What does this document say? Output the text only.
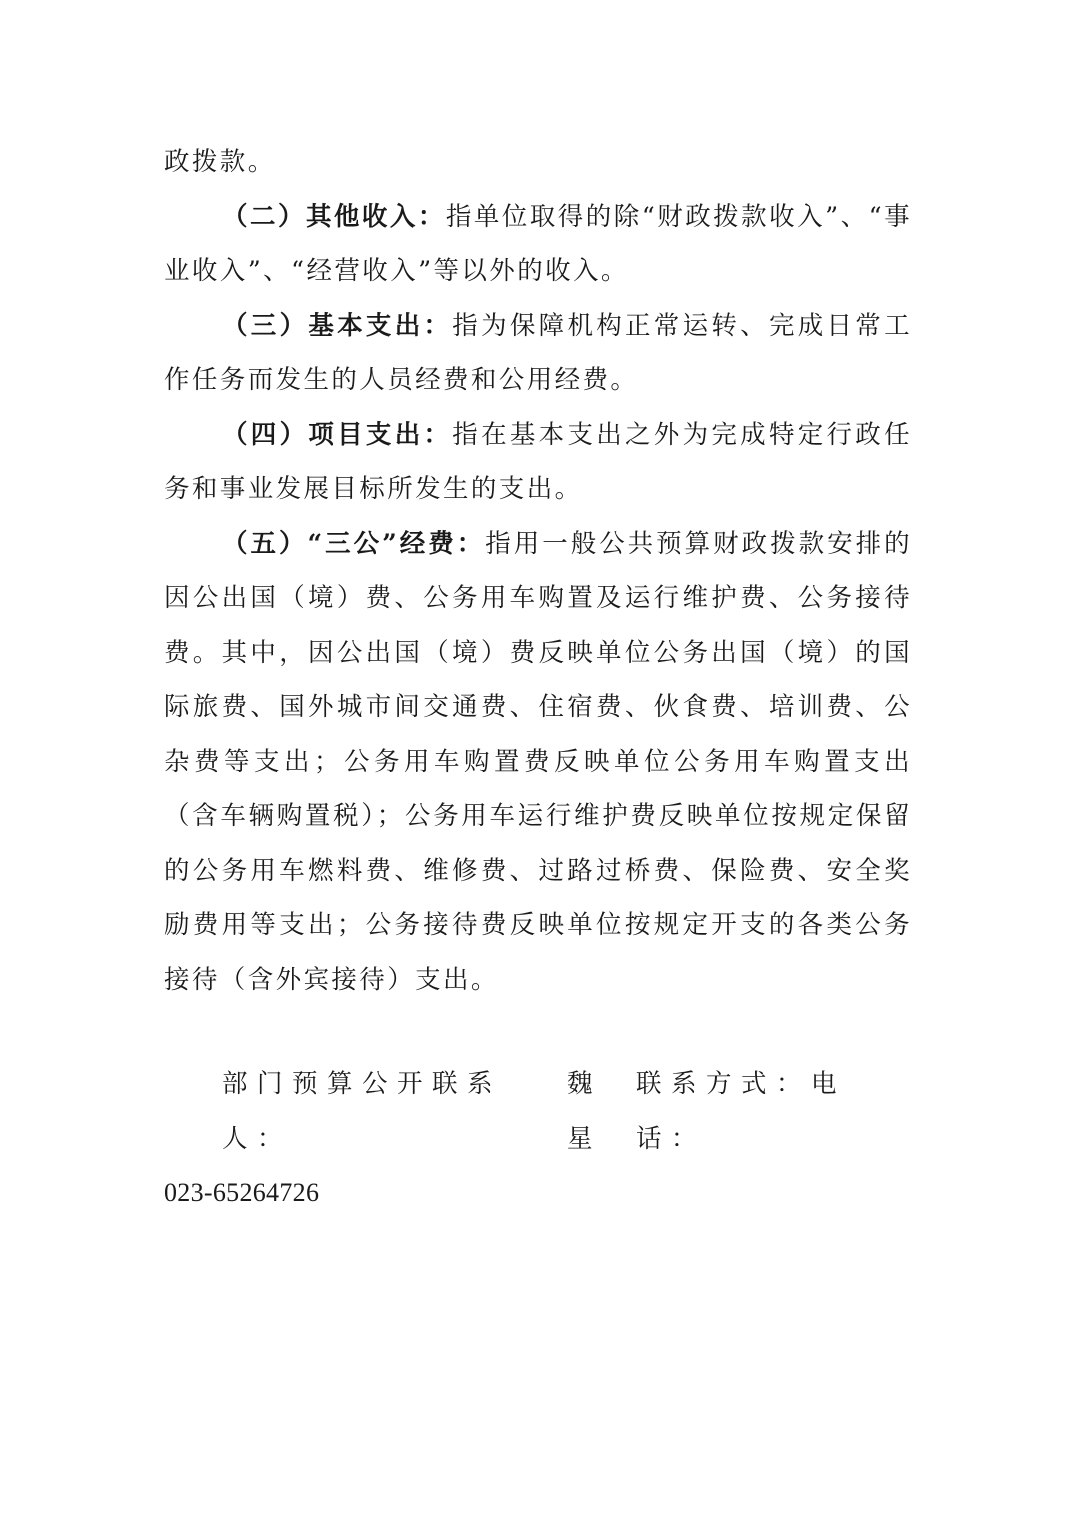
政拨款。

（二）其他收入：指单位取得的除“财政拨款收入”、“事业收入”、“经营收入”等以外的收入。

（三）基本支出：指为保障机构正常运转、完成日常工作任务而发生的人员经费和公用经费。

（四）项目支出：指在基本支出之外为完成特定行政任务和事业发展目标所发生的支出。

（五）“三公”经费：指用一般公共预算财政拨款安排的因公出国（境）费、公务用车购置及运行维护费、公务接待费。其中，因公出国（境）费反映单位公务出国（境）的国际旅费、国外城市间交通费、住宿费、伙食费、培训费、公杂费等支出；公务用车购置费反映单位公务用车购置支出（含车辆购置税）；公务用车运行维护费反映单位按规定保留的公务用车燃料费、维修费、过路过桥费、保险费、安全奖励费用等支出；公务接待费反映单位按规定开支的各类公务接待（含外宾接待）支出。

部门预算公开联系人：
魏星
联系方式：电话：
023-65264726
